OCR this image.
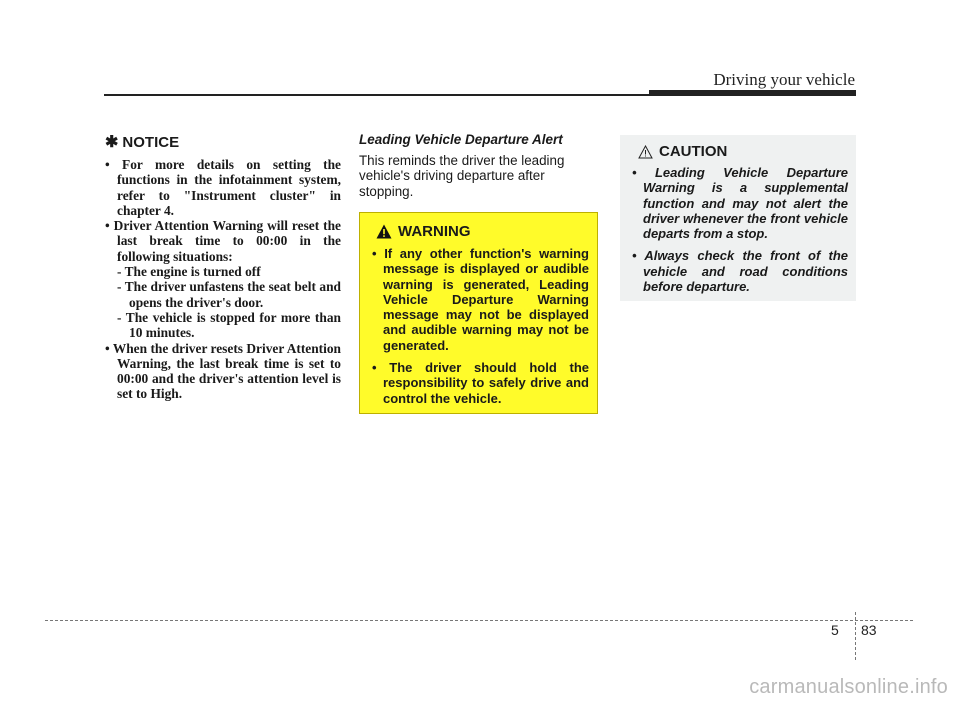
Driving your vehicle
✱ NOTICE
• For more details on setting the functions in the infotainment system, refer to "Instrument cluster" in chapter 4.
• Driver Attention Warning will reset the last break time to 00:00 in the following situations:
- The engine is turned off
- The driver unfastens the seat belt and opens the driver's door.
- The vehicle is stopped for more than 10 minutes.
• When the driver resets Driver Attention Warning, the last break time is set to 00:00 and the driver's attention level is set to High.
Leading Vehicle Departure Alert

This reminds the driver the leading vehicle's driving departure after stopping.

WARNING
• If any other function's warning message is displayed or audible warning is generated, Leading Vehicle Departure Warning message may not be displayed and audible warning may not be generated.
• The driver should hold the responsibility to safely drive and control the vehicle.
CAUTION
• Leading Vehicle Departure Warning is a supplemental function and may not alert the driver whenever the front vehicle departs from a stop.
• Always check the front of the vehicle and road conditions before departure.
5 83
carmanualsonline.info
